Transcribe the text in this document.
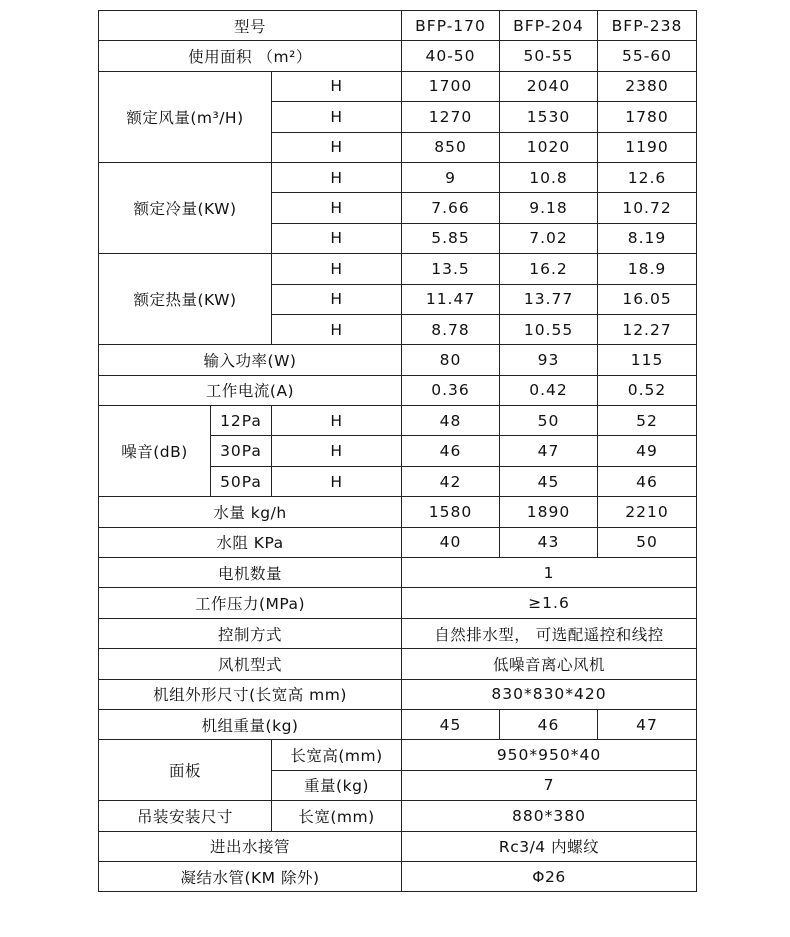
型号			BFP-170	BFP-204	BFP-238
使用面积 （m²）			40-50	50-55	55-60
额定风量(m³/H)		H	1700	2040	2380
		H	1270	1530	1780
		H	850	1020	1190
额定冷量(KW)		H	9	10.8	12.6
		H	7.66	9.18	10.72
		H	5.85	7.02	8.19
额定热量(KW)		H	13.5	16.2	18.9
		H	11.47	13.77	16.05
		H	8.78	10.55	12.27
输入功率(W)			80	93	115
工作电流(A)			0.36	0.42	0.52
噪音(dB)	12Pa	H	48	50	52
	30Pa	H	46	47	49
	50Pa	H	42	45	46
水量 kg/h			1580	1890	2210
水阻 KPa			40	43	50
电机数量			1		
工作压力(MPa)			≥1.6		
控制方式			自然排水型， 可选配遥控和线控		
风机型式			低噪音离心风机		
机组外形尺寸(长宽高 mm)			830*830*420		
机组重量(kg)			45	46	47
面板		长宽高(mm)	950*950*40		
		重量(kg)	7		
吊装安装尺寸		长宽(mm)	880*380		
进出水接管			Rc3/4 内螺纹		
凝结水管(KM 除外)			Φ26		
